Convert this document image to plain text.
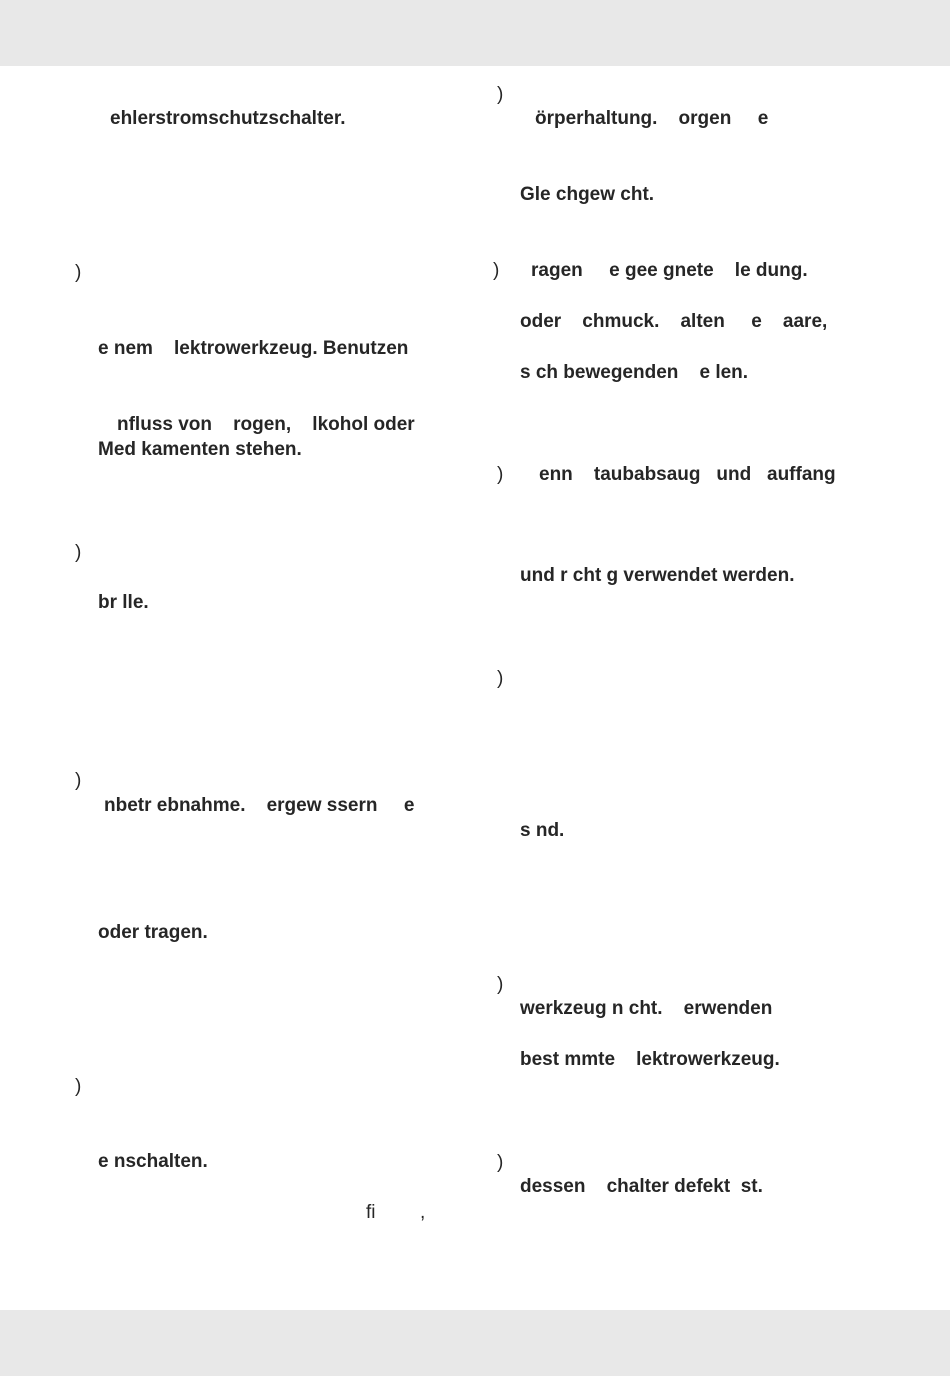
ehlerstromschutzschalter.
)
e nem    lektrowerkzeug. Benutzen
nfluss von    rogen,    lkohol oder
Med kamenten stehen.
)
br lle.
)
nbetr ebnahme.    ergew ssern     e
oder tragen.
)
e nschalten.
fi ,
)
örperhaltung.    orgen     e
Gle chgew cht.
) ragen     e gee gnete    le dung.
oder    chmuck.    alten     e    aare,
s ch bewegenden    e len.
) enn    taubabsaug   und   auffang
und r cht g verwendet werden.
)
s nd.
)
werkzeug n cht.    erwenden
best mmte    lektrowerkzeug.
)
dessen    chalter defekt  st.
